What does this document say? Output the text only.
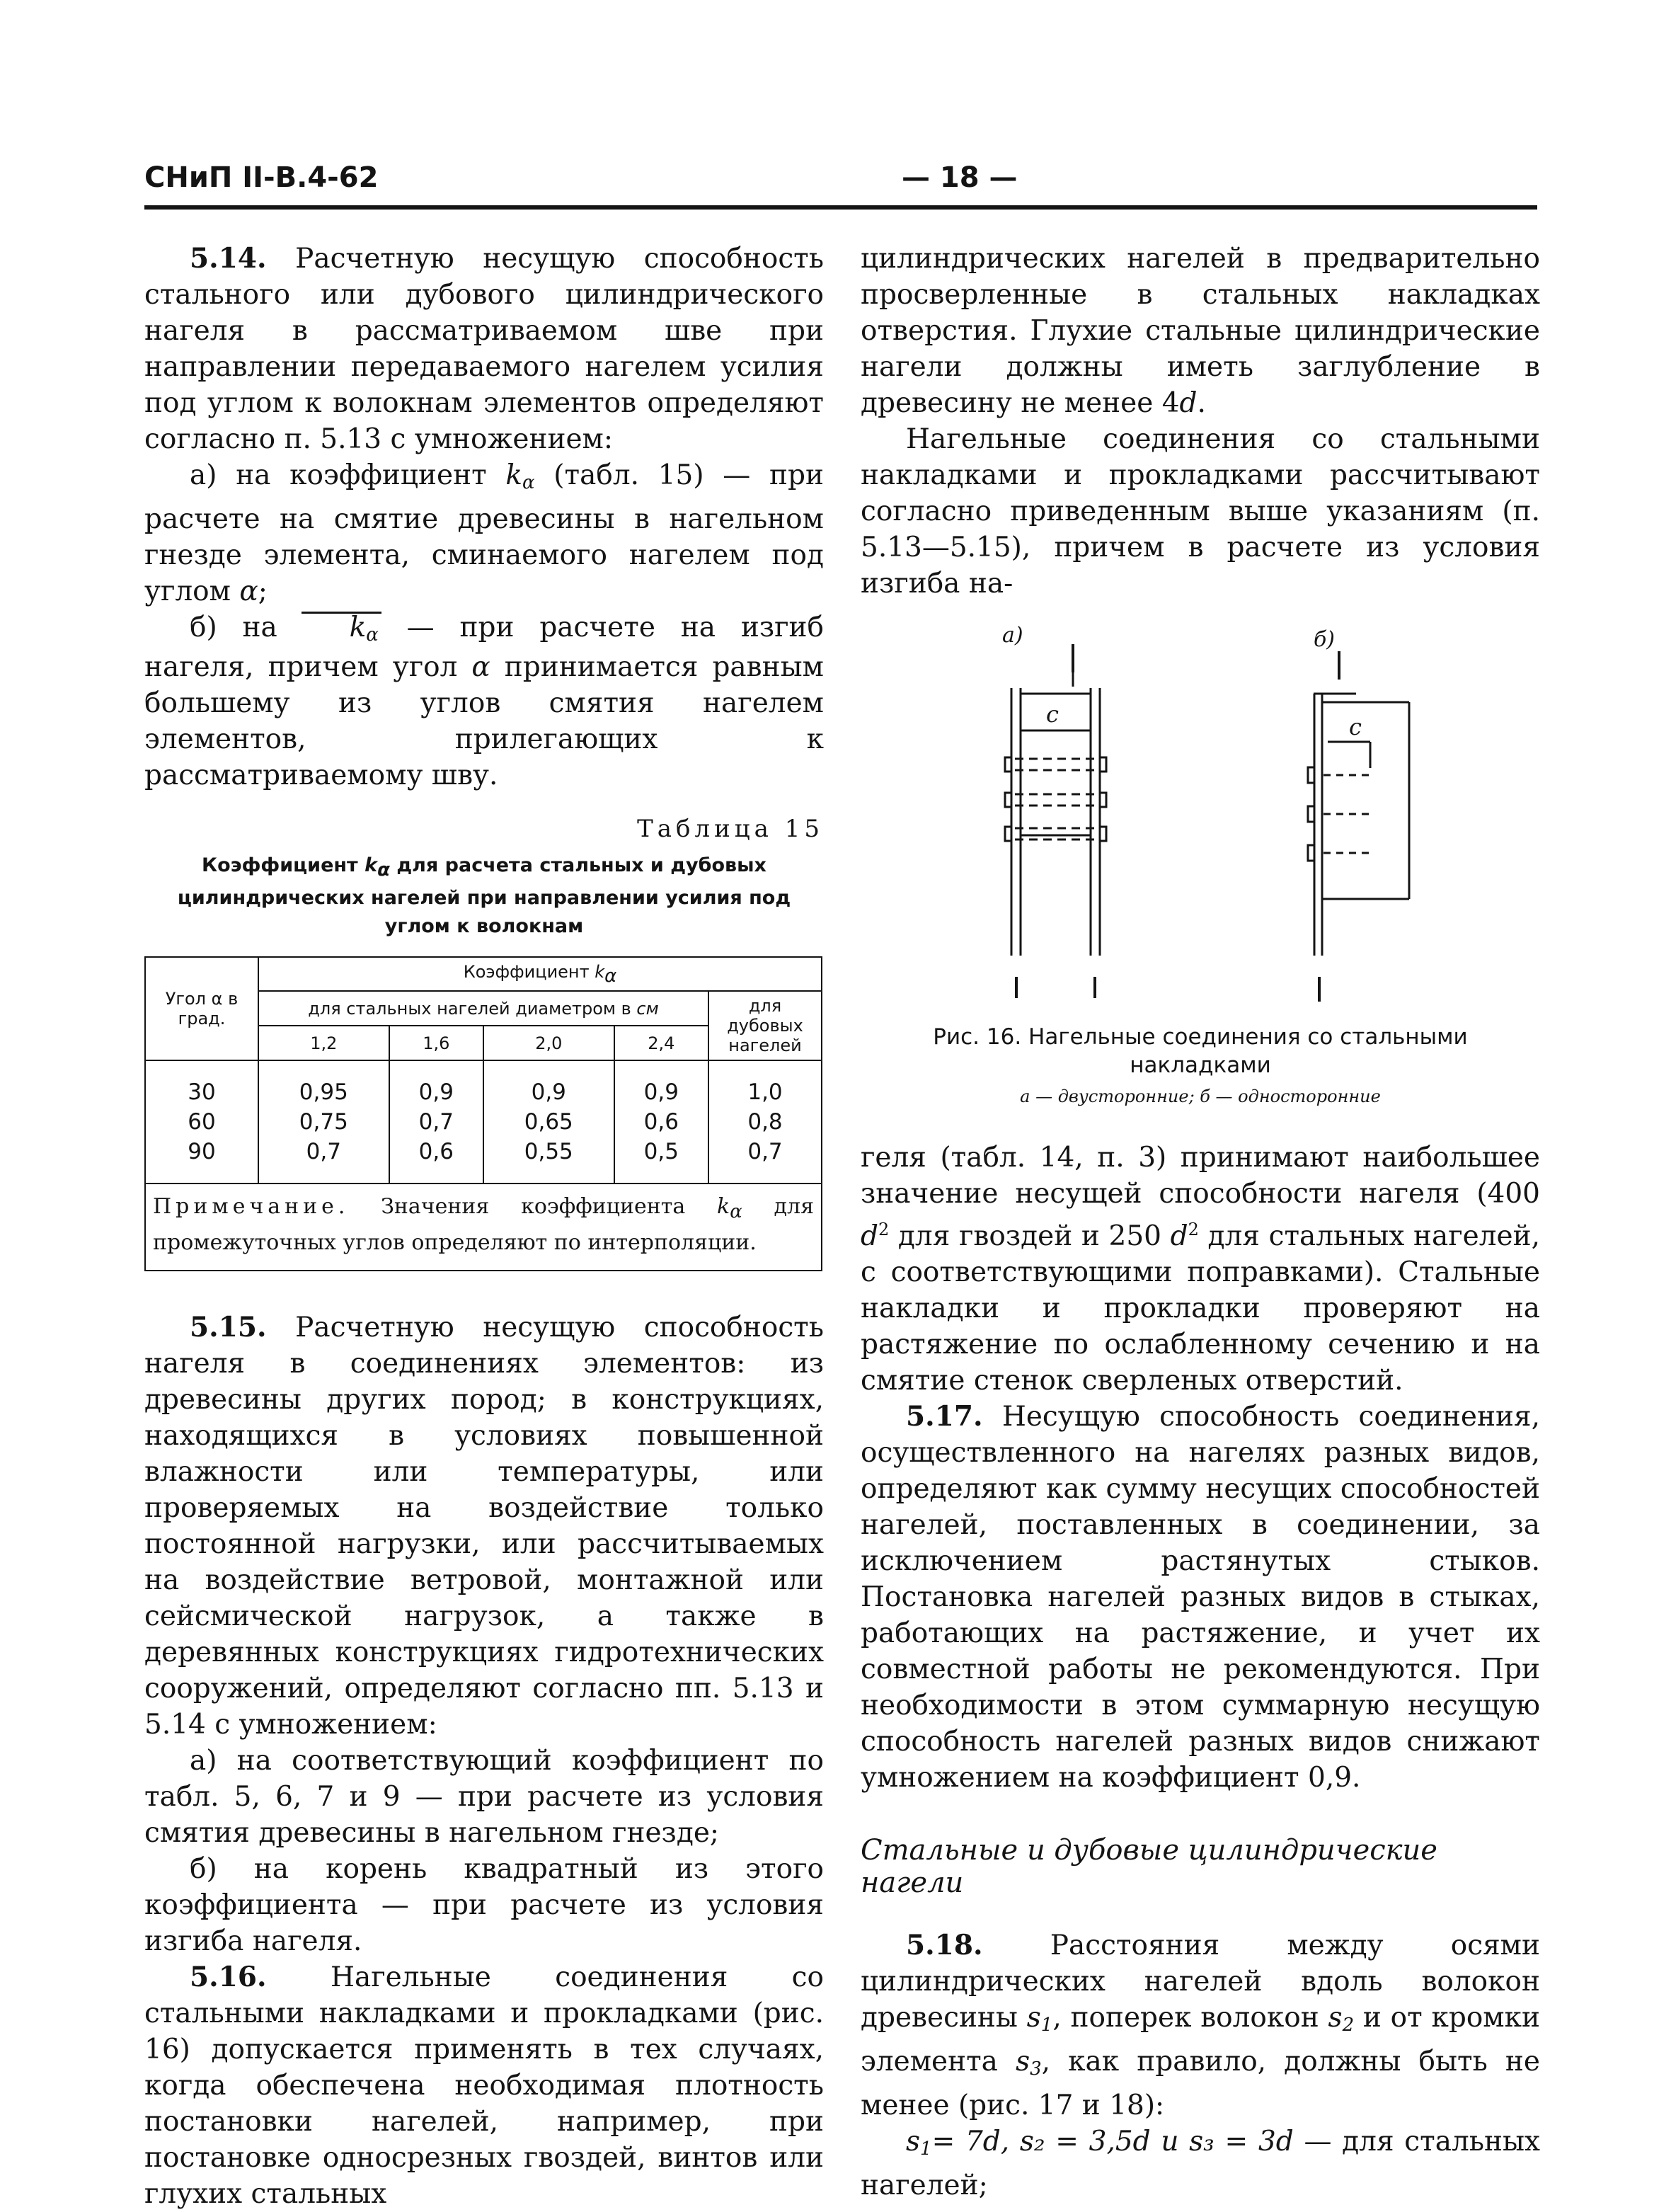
СНиП II-В.4-62	— 18 —

5.14. Расчетную несущую способность стального или дубового цилиндрического нагеля в рассматриваемом шве при направлении передаваемого нагелем усилия под углом к волокнам элементов определяют согласно п. 5.13 с умножением:

а) на коэффициент $k_\alpha$ (табл. 15) — при расчете на смятие древесины в нагельном гнезде элемента, сминаемого нагелем под углом α;

б) на $k_\alpha$ — при расчете на изгиб нагеля, причем угол α принимается равным большему из углов смятия нагелем элементов, прилегающих к рассматриваемому шву.

Таблица 15

Коэффициент kα для расчета стальных и дубовых цилиндрических нагелей при направлении усилия под углом к волокнам

Угол α в град.	Коэффициент kα				
	для стальных нагелей диаметром в см				для дубовых нагелей
	1,2	1,6	2,0	2,4	
30	0,95	0,9	0,9	0,9	1,0
60	0,75	0,7	0,65	0,6	0,8
90	0,7	0,6	0,55	0,5	0,7
Примечание. Значения коэффициента kα для промежуточных углов определяют по интерполяции.					

5.15. Расчетную несущую способность нагеля в соединениях элементов: из древесины других пород; в конструкциях, находящихся в условиях повышенной влажности или температуры, или проверяемых на воздействие только постоянной нагрузки, или рассчитываемых на воздействие ветровой, монтажной или сейсмической нагрузок, а также в деревянных конструкциях гидротехнических сооружений, определяют согласно пп. 5.13 и 5.14 с умножением:

а) на соответствующий коэффициент по табл. 5, 6, 7 и 9 — при расчете из условия смятия древесины в нагельном гнезде;

б) на корень квадратный из этого коэффициента — при расчете из условия изгиба нагеля.

5.16. Нагельные соединения со стальными накладками и прокладками (рис. 16) допускается применять в тех случаях, когда обеспечена необходимая плотность постановки нагелей, например, при постановке односрезных гвоздей, винтов или глухих стальных

цилиндрических нагелей в предварительно просверленные в стальных накладках отверстия. Глухие стальные цилиндрические нагели должны иметь заглубление в древесину не менее 4d.

Нагельные соединения со стальными накладками и прокладками рассчитывают согласно приведенным выше указаниям (п. 5.13—5.15), причем в расчете из условия изгиба на-

а)	б)
с	с

Рис. 16. Нагельные соединения со стальными накладками

а — двусторонние; б — односторонние

геля (табл. 14, п. 3) принимают наибольшее значение несущей способности нагеля (400 $d^2$ для гвоздей и 250 $d^2$ для стальных нагелей, с соответствующими поправками). Стальные накладки и прокладки проверяют на растяжение по ослабленному сечению и на смятие стенок сверленых отверстий.

5.17. Несущую способность соединения, осуществленного на нагелях разных видов, определяют как сумму несущих способностей нагелей, поставленных в соединении, за исключением растянутых стыков. Постановка нагелей разных видов в стыках, работающих на растяжение, и учет их совместной работы не рекомендуются. При необходимости в этом суммарную несущую способность нагелей разных видов снижают умножением на коэффициент 0,9.

Стальные и дубовые цилиндрические нагели

5.18. Расстояния между осями цилиндрических нагелей вдоль волокон древесины $s_1$, поперек волокон $s_2$ и от кромки элемента $s_3$, как правило, должны быть не менее (рис. 17 и 18):

$s_1= 7d$, s₂ = 3,5d и s₃ = 3d — для стальных нагелей;
